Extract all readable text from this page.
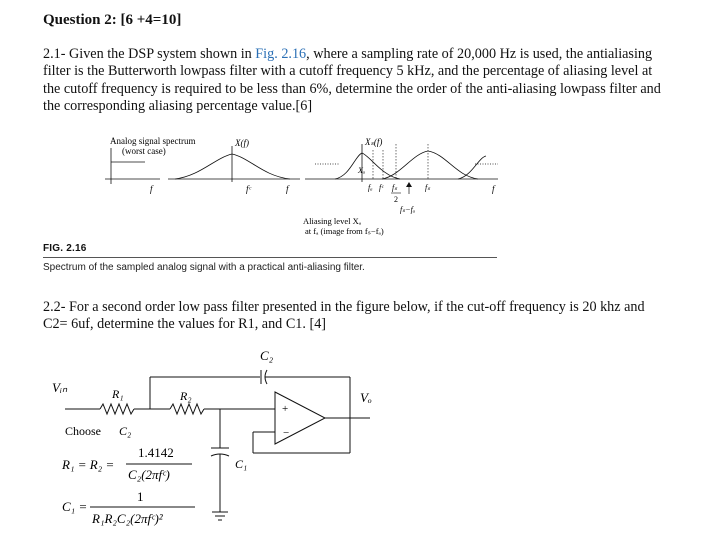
Question 2: [6 +4=10]
2.1- Given the DSP system shown in Fig. 2.16, where a sampling rate of 20,000 Hz is used, the antialiasing
filter is the Butterworth lowpass filter with a cutoff frequency 5 kHz, and the percentage of aliasing level at
the cutoff frequency is required to be less than 6%, determine the order of the anti-aliasing lowpass filter and
the corresponding aliasing percentage value.[6]
Analog signal spectrum
(worst case)
f
X(f)
fᶜ	f
Xₛ(f)
Xₐ
fₐ fᶜ fₛ
2
fₛ	f
fₛ−fₐ
Aliasing level Xₐ
at fₐ (image from fₛ−fₐ)
FIG. 2.16
Spectrum of the sampled analog signal with a practical anti-aliasing filter.
2.2- For a second order low pass filter presented in the figure below, if the cut-off frequency is 20 khz and
C2= 6uf, determine the values for R1, and C1. [4]
C₂
Vᵢₙ	R₁	R₂	Vₒ
+
−
C₁
Choose C₂
R₁ = R₂ =
1.4142
C₂(2πfᶜ)
C₁ =
1
R₁R₂C₂(2πfᶜ)²
